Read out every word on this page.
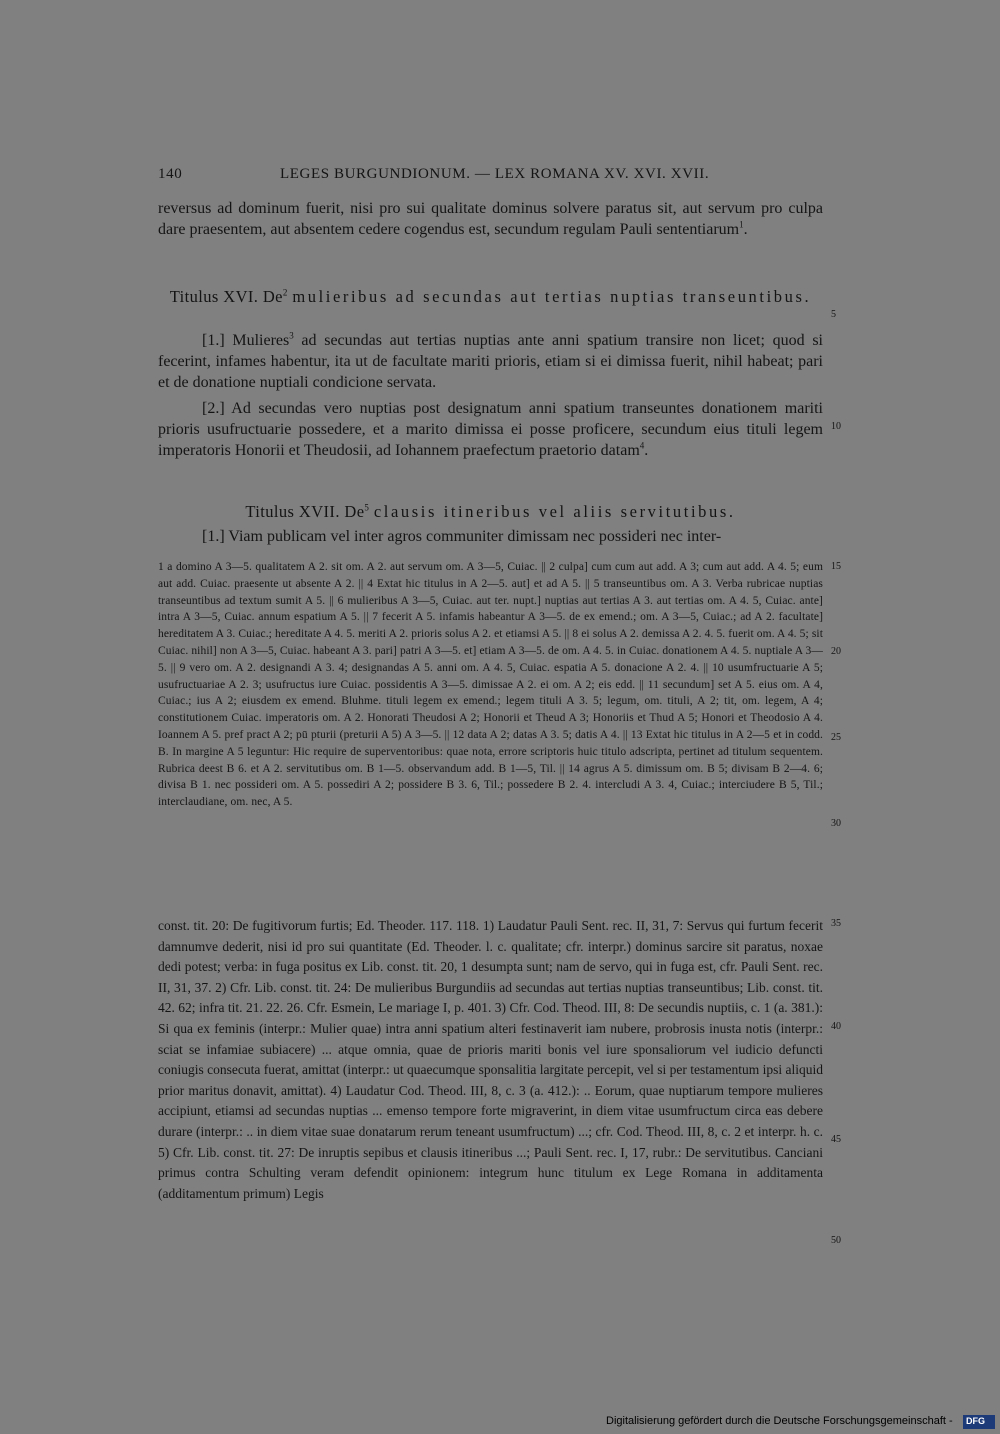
140	LEGES BURGUNDIONUM. — LEX ROMANA XV. XVI. XVII.

reversus ad dominum fuerit, nisi pro sui qualitate dominus solvere paratus sit, aut servum pro culpa dare praesentem, aut absentem cedere cogendus est, secundum regulam Pauli sententiarum$^1$.

Titulus XVI. De$^2$ mulieribus ad secundas aut tertias nuptias transeuntibus.

[1.] Mulieres$^3$ ad secundas aut tertias nuptias ante anni spatium transire non licet; quod si fecerint, infames habentur, ita ut de facultate mariti prioris, etiam si ei dimissa fuerit, nihil habeat; pari et de donatione nuptiali condicione servata.

[2.] Ad secundas vero nuptias post designatum anni spatium transeuntes donationem mariti prioris usufructuarie possedere, et a marito dimissa ei posse proficere, secundum eius tituli legem imperatoris Honorii et Theudosii, ad Iohannem praefectum praetorio datam$^4$.

Titulus XVII. De$^5$ clausis itineribus vel aliis servitutibus.

[1.] Viam publicam vel inter agros communiter dimissam nec possideri nec inter-

1 a domino A 3—5. qualitatem A 2. sit om. A 2. aut servum om. A 3—5, Cuiac. || 2 culpa] cum cum aut add. A 3; cum aut add. A 4. 5; eum aut add. Cuiac. praesente ut absente A 2. || 4 Extat hic titulus in A 2—5. aut] et ad A 5. || 5 transeuntibus om. A 3. Verba rubricae nuptias transeuntibus ad textum sumit A 5. || 6 mulieribus A 3—5, Cuiac. aut ter. nupt.] nuptias aut tertias A 3. aut tertias om. A 4. 5, Cuiac. ante] intra A 3—5, Cuiac. annum espatium A 5. || 7 fecerit A 5. infamis habeantur A 3—5. de ex emend.; om. A 3—5, Cuiac.; ad A 2. facultate] hereditatem A 3. Cuiac.; hereditate A 4. 5. meriti A 2. prioris solus A 2. et etiamsi A 5. || 8 ei solus A 2. demissa A 2. 4. 5. fuerit om. A 4. 5; sit Cuiac. nihil] non A 3—5, Cuiac. habeant A 3. pari] patri A 3—5. et] etiam A 3—5. de om. A 4. 5. in Cuiac. donationem A 4. 5. nuptiale A 3—5. || 9 vero om. A 2. designandi A 3. 4; designandas A 5. anni om. A 4. 5, Cuiac. espatia A 5. donacione A 2. 4. || 10 usumfructuarie A 5; usufructuariae A 2. 3; usufructus iure Cuiac. possidentis A 3—5. dimissae A 2. ei om. A 2; eis edd. || 11 secundum] set A 5. eius om. A 4, Cuiac.; ius A 2; eiusdem ex emend. Bluhme. tituli legem ex emend.; legem tituli A 3. 5; legum, om. tituli, A 2; tit, om. legem, A 4; constitutionem Cuiac. imperatoris om. A 2. Honorati Theudosi A 2; Honorii et Theud A 3; Honoriis et Thud A 5; Honori et Theodosio A 4. Ioannem A 5. pref pract A 2; pū pturii (preturii A 5) A 3—5. || 12 data A 2; datas A 3. 5; datis A 4. || 13 Extat hic titulus in A 2—5 et in codd. B. In margine A 5 leguntur: Hic require de superventoribus: quae nota, errore scriptoris huic titulo adscripta, pertinet ad titulum sequentem. Rubrica deest B 6. et A 2. servitutibus om. B 1—5. observandum add. B 1—5, Til. || 14 agrus A 5. dimissum om. B 5; divisam B 2—4. 6; divisa B 1. nec possideri om. A 5. possediri A 2; possidere B 3. 6, Til.; possedere B 2. 4. intercludi A 3. 4, Cuiac.; interciudere B 5, Til.; interclaudiane, om. nec, A 5.

const. tit. 20: De fugitivorum furtis; Ed. Theoder. 117. 118. 1) Laudatur Pauli Sent. rec. II, 31, 7: Servus qui furtum fecerit damnumve dederit, nisi id pro sui quantitate (Ed. Theoder. l. c. qualitate; cfr. interpr.) dominus sarcire sit paratus, noxae dedi potest; verba: in fuga positus ex Lib. const. tit. 20, 1 desumpta sunt; nam de servo, qui in fuga est, cfr. Pauli Sent. rec. II, 31, 37. 2) Cfr. Lib. const. tit. 24: De mulieribus Burgundiis ad secundas aut tertias nuptias transeuntibus; Lib. const. tit. 42. 62; infra tit. 21. 22. 26. Cfr. Esmein, Le mariage I, p. 401. 3) Cfr. Cod. Theod. III, 8: De secundis nuptiis, c. 1 (a. 381.): Si qua ex feminis (interpr.: Mulier quae) intra anni spatium alteri festinaverit iam nubere, probrosis inusta notis (interpr.: sciat se infamiae subiacere) ... atque omnia, quae de prioris mariti bonis vel iure sponsaliorum vel iudicio defuncti coniugis consecuta fuerat, amittat (interpr.: ut quaecumque sponsalitia largitate percepit, vel si per testamentum ipsi aliquid prior maritus donavit, amittat). 4) Laudatur Cod. Theod. III, 8, c. 3 (a. 412.): .. Eorum, quae nuptiarum tempore mulieres accipiunt, etiamsi ad secundas nuptias ... emenso tempore forte migraverint, in diem vitae usumfructum circa eas debere durare (interpr.: .. in diem vitae suae donatarum rerum teneant usumfructum) ...; cfr. Cod. Theod. III, 8, c. 2 et interpr. h. c. 5) Cfr. Lib. const. tit. 27: De inruptis sepibus et clausis itineribus ...; Pauli Sent. rec. I, 17, rubr.: De servitutibus. Canciani primus contra Schulting veram defendit opinionem: integrum hunc titulum ex Lege Romana in additamenta (additamentum primum) Legis

5
10
15
20
25
30
35
40
45
50
Digitalisierung gefördert durch die Deutsche Forschungsgemeinschaft - DFG
